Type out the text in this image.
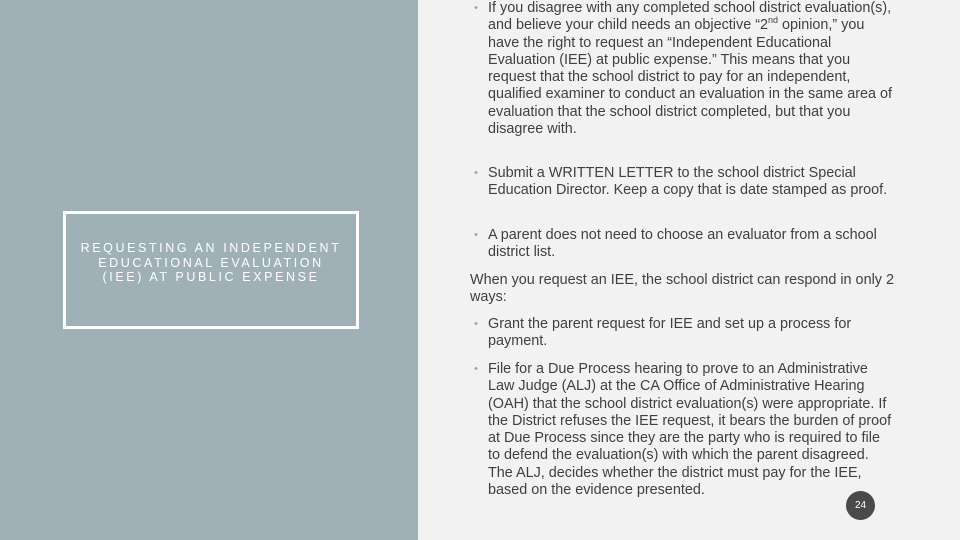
REQUESTING AN INDEPENDENT
EDUCATIONAL EVALUATION
(IEE) AT PUBLIC EXPENSE
• If you disagree with any completed school district evaluation(s), and believe your child needs an objective “2nd opinion,” you have the right to request an “Independent Educational Evaluation (IEE) at public expense.” This means that you request that the school district to pay for an independent, qualified examiner to conduct an evaluation in the same area of evaluation that the school district completed, but that you disagree with.
• Submit a WRITTEN LETTER to the school district Special Education Director. Keep a copy that is date stamped as proof.
• A parent does not need to choose an evaluator from a school district list.

When you request an IEE, the school district can respond in only 2 ways:

• Grant the parent request for IEE and set up a process for payment.
• File for a Due Process hearing to prove to an Administrative Law Judge (ALJ) at the CA Office of Administrative Hearing (OAH) that the school district evaluation(s) were appropriate. If the District refuses the IEE request, it bears the burden of proof at Due Process since they are the party who is required to file to defend the evaluation(s) with which the parent disagreed. The ALJ, decides whether the district must pay for the IEE, based on the evidence presented.
24
